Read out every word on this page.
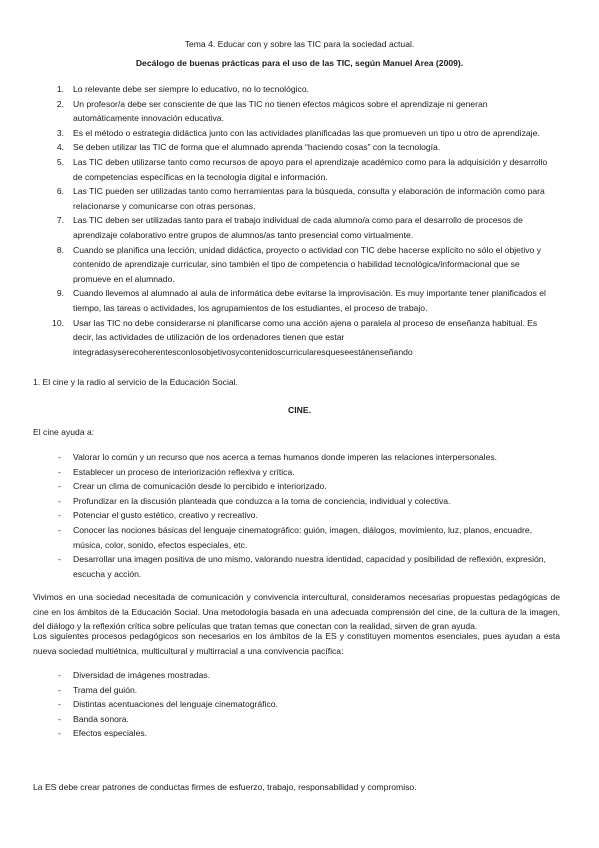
Tema 4. Educar con y sobre las TIC para la sociedad actual.
Decálogo de buenas prácticas para el uso de las TIC, según Manuel Area (2009).
1. Lo relevante debe ser siempre lo educativo, no lo tecnológico.
2. Un profesor/a debe ser consciente de que las TIC no tienen efectos mágicos sobre el aprendizaje ni generan automáticamente innovación educativa.
3. Es el método o estrategia didáctica junto con las actividades planificadas las que promueven un tipo u otro de aprendizaje.
4. Se deben utilizar las TIC de forma que el alumnado aprenda “haciendo cosas” con la tecnología.
5. Las TIC deben utilizarse tanto como recursos de apoyo para el aprendizaje académico como para la adquisición y desarrollo de competencias específicas en la tecnología digital e información.
6. Las TIC pueden ser utilizadas tanto como herramientas para la búsqueda, consulta y elaboración de información como para relacionarse y comunicarse con otras personas.
7. Las TIC deben ser utilizadas tanto para el trabajo individual de cada alumno/a como para el desarrollo de procesos de aprendizaje colaborativo entre grupos de alumnos/as tanto presencial como virtualmente.
8. Cuando se planifica una lección, unidad didáctica, proyecto o actividad con TIC debe hacerse explícito no sólo el objetivo y contenido de aprendizaje curricular, sino también el tipo de competencia o habilidad tecnológica/informacional que se promueve en el alumnado.
9. Cuando llevemos al alumnado al aula de informática debe evitarse la improvisación. Es muy importante tener planificados el tiempo, las tareas o actividades, los agrupamientos de los estudiantes, el proceso de trabajo.
10. Usar las TIC no debe considerarse ni planificarse como una acción ajena o paralela al proceso de enseñanza habitual. Es decir, las actividades de utilización de los ordenadores tienen que estar integradasyserecoherentesconlosobjetivosycontenidoscurricularesqueseestánenseñando
1. El cine y la radio al servicio de la Educación Social.
CINE.
El cine ayuda a:
-	Valorar lo común y un recurso que nos acerca a temas humanos donde imperen las relaciones interpersonales.
-	Establecer un proceso de interiorización reflexiva y crítica.
-	Crear un clima de comunicación desde lo percibido e interiorizado.
-	Profundizar en la discusión planteada que conduzca a la toma de conciencia, individual y colectiva.
-	Potenciar el gusto estético, creativo y recreativo.
-	Conocer las nociones básicas del lenguaje cinematográfico: guión, imagen, diálogos, movimiento, luz, planos, encuadre, música, color, sonido, efectos especiales, etc.
-	Desarrollar una imagen positiva de uno mismo, valorando nuestra identidad, capacidad y posibilidad de reflexión, expresión, escucha y acción.
Vivimos en una sociedad necesitada de comunicación y convivencia intercultural, consideramos necesarias propuestas pedagógicas de cine en los ámbitos de la Educación Social. Una metodología basada en una adecuada comprensión del cine, de la cultura de la imagen, del diálogo y la reflexión crítica sobre películas que tratan temas que conectan con la realidad, sirven de gran ayuda.
Los siguientes procesos pedagógicos son necesarios en los ámbitos de la ES y constituyen momentos esenciales, pues ayudan a esta nueva sociedad multiétnica, multicultural y multirracial a una convivencia pacífica:
-	Diversidad de imágenes mostradas.
-	Trama del guión.
-	Distintas acentuaciones del lenguaje cinematográfico.
-	Banda sonora.
-	Efectos especiales.
La ES debe crear patrones de conductas firmes de esfuerzo, trabajo, responsabilidad y compromiso.
